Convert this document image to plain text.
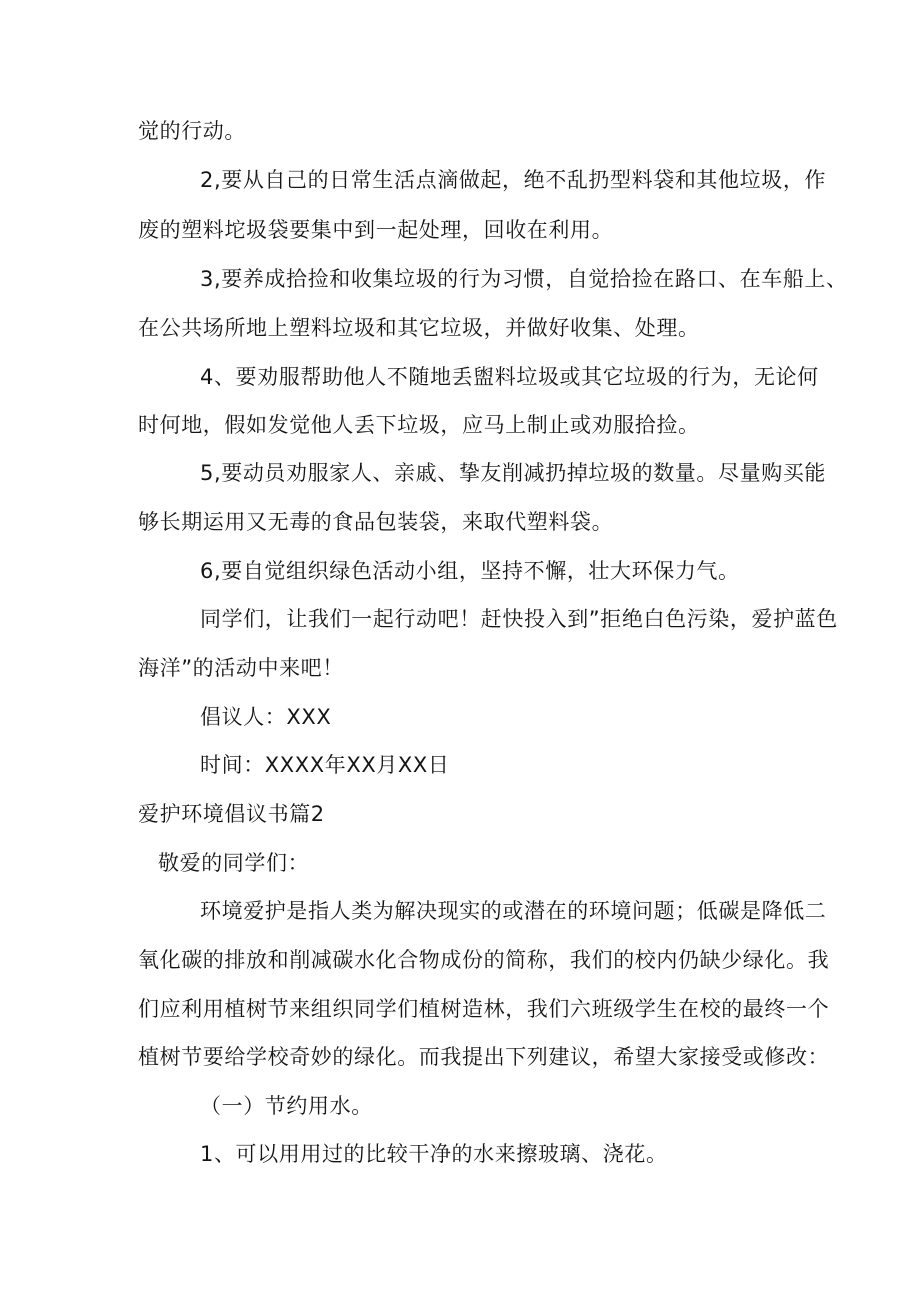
觉的行动。
2,要从自己的日常生活点滴做起，绝不乱扔型料袋和其他垃圾，作
废的塑料坨圾袋要集中到一起处理，回收在利用。
3,要养成拾捡和收集垃圾的行为习惯，自觉拾捡在路口、在车船上、
在公共场所地上塑料垃圾和其它垃圾，并做好收集、处理。
4、要劝服帮助他人不随地丢盥料垃圾或其它垃圾的行为，无论何
时何地，假如发觉他人丢下垃圾，应马上制止或劝服拾捡。
5,要动员劝服家人、亲戚、挚友削减扔掉垃圾的数量。尽量购买能
够长期运用又无毒的食品包装袋，来取代塑料袋。
6,要自觉组织绿色活动小组，坚持不懈，壮大环保力气。
同学们，让我们一起行动吧！赶快投入到”拒绝白色污染，爱护蓝色
海洋”的活动中来吧！
倡议人：XXX
时间：XXXX年XX月XX日
爱护环境倡议书篇2
敬爱的同学们：
环境爱护是指人类为解决现实的或潜在的环境问题；低碳是降低二
氧化碳的排放和削减碳水化合物成份的简称，我们的校内仍缺少绿化。我
们应利用植树节来组织同学们植树造林，我们六班级学生在校的最终一个
植树节要给学校奇妙的绿化。而我提出下列建议，希望大家接受或修改：
（一）节约用水。
1、可以用用过的比较干净的水来擦玻璃、浇花。
